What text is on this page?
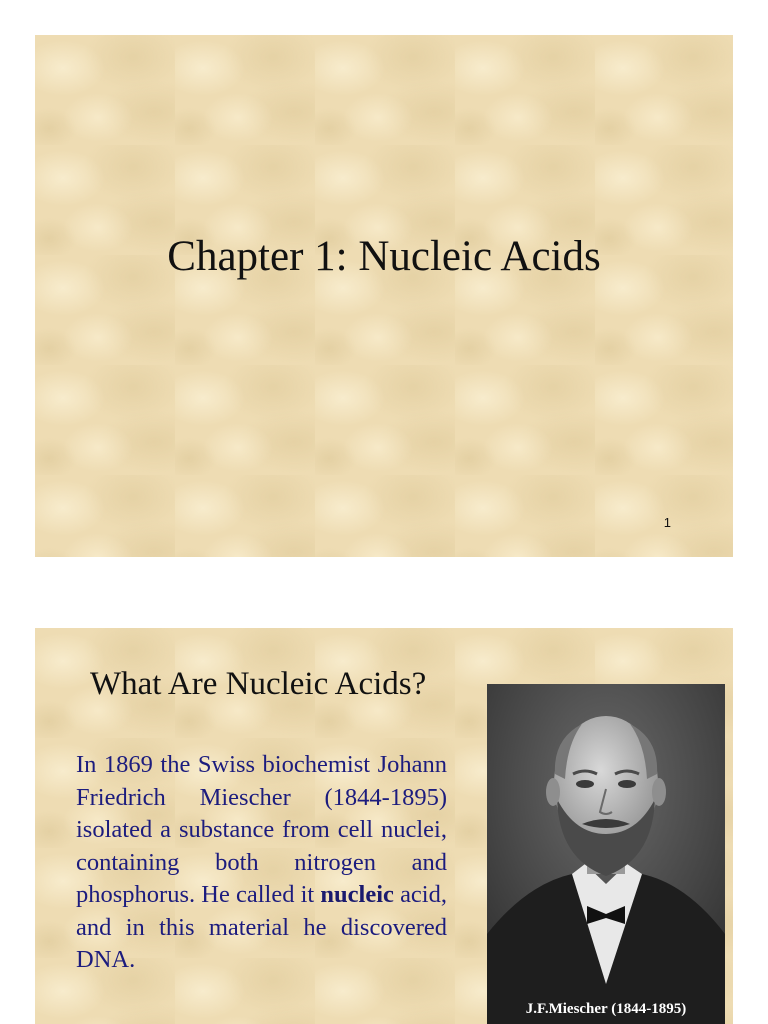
Chapter 1: Nucleic Acids
1
What Are Nucleic Acids?

In 1869 the Swiss biochemist Johann Friedrich Miescher (1844-1895) isolated a substance from cell nuclei, containing both nitrogen and phosphorus. He called it nucleic acid, and in this material he discovered DNA.

J.F.Miescher (1844-1895)
